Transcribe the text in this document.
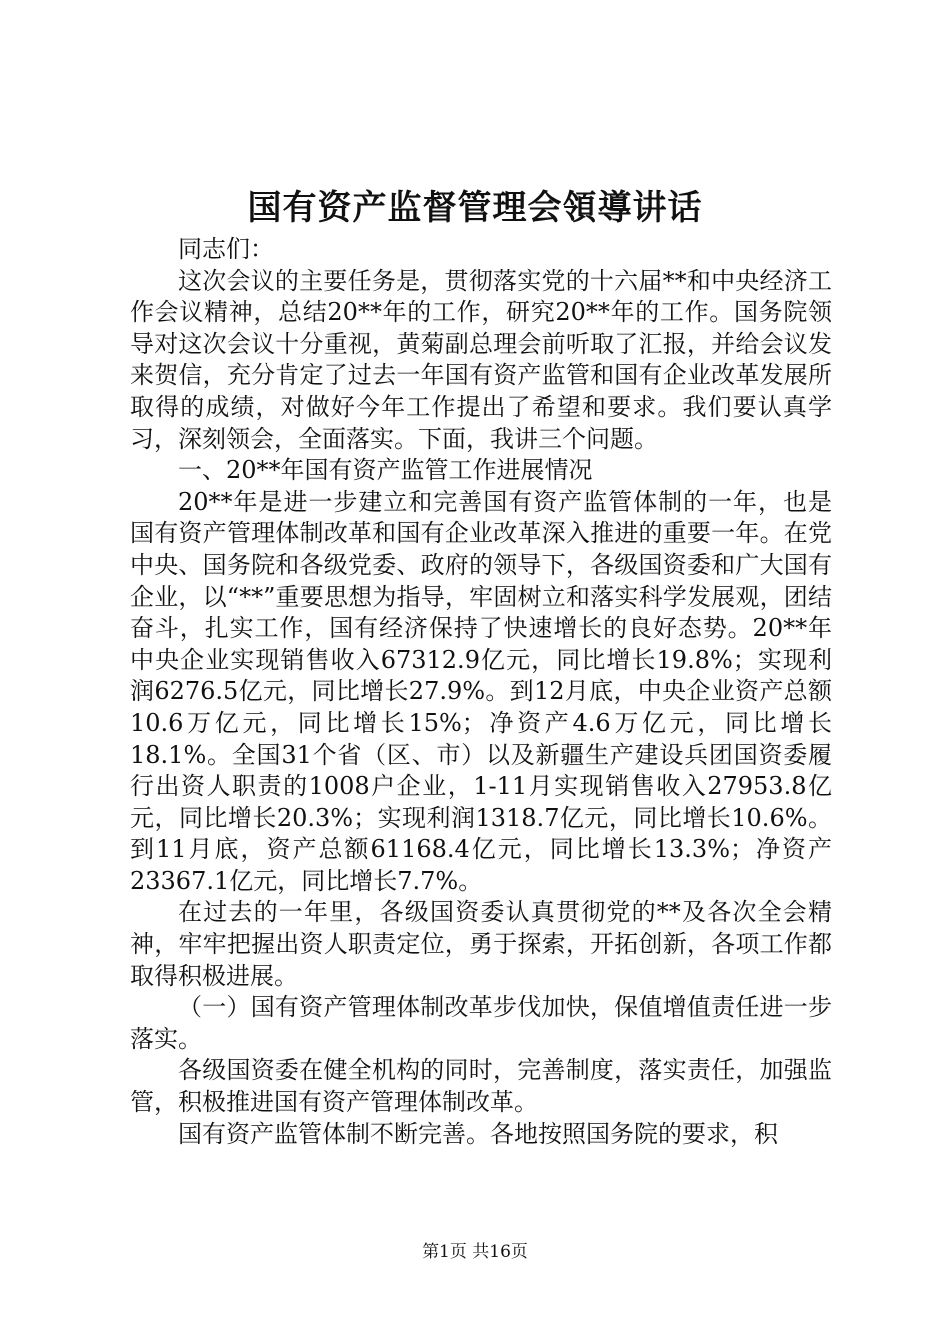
国有资产监督管理会領導讲话

同志们：

这次会议的主要任务是，贯彻落实党的十六届**和中央经济工作会议精神，总结20**年的工作，研究20**年的工作。国务院领导对这次会议十分重视，黄菊副总理会前听取了汇报，并给会议发来贺信，充分肯定了过去一年国有资产监管和国有企业改革发展所取得的成绩，对做好今年工作提出了希望和要求。我们要认真学习，深刻领会，全面落实。下面，我讲三个问题。

一、20**年国有资产监管工作进展情况

20**年是进一步建立和完善国有资产监管体制的一年，也是国有资产管理体制改革和国有企业改革深入推进的重要一年。在党中央、国务院和各级党委、政府的领导下，各级国资委和广大国有企业，以“**”重要思想为指导，牢固树立和落实科学发展观，团结奋斗，扎实工作，国有经济保持了快速增长的良好态势。20**年中央企业实现销售收入67312.9亿元，同比增长19.8%；实现利润6276.5亿元，同比增长27.9%。到12月底，中央企业资产总额10.6万亿元，同比增长15%；净资产4.6万亿元，同比增长18.1%。全国31个省（区、市）以及新疆生产建设兵团国资委履行出资人职责的1008户企业，1-11月实现销售收入27953.8亿元，同比增长20.3%；实现利润1318.7亿元，同比增长10.6%。到11月底，资产总额61168.4亿元，同比增长13.3%；净资产23367.1亿元，同比增长7.7%。

在过去的一年里，各级国资委认真贯彻党的**及各次全会精神，牢牢把握出资人职责定位，勇于探索，开拓创新，各项工作都取得积极进展。

（一）国有资产管理体制改革步伐加快，保值增值责任进一步落实。

各级国资委在健全机构的同时，完善制度，落实责任，加强监管，积极推进国有资产管理体制改革。

国有资产监管体制不断完善。各地按照国务院的要求，积

第1页 共16页
